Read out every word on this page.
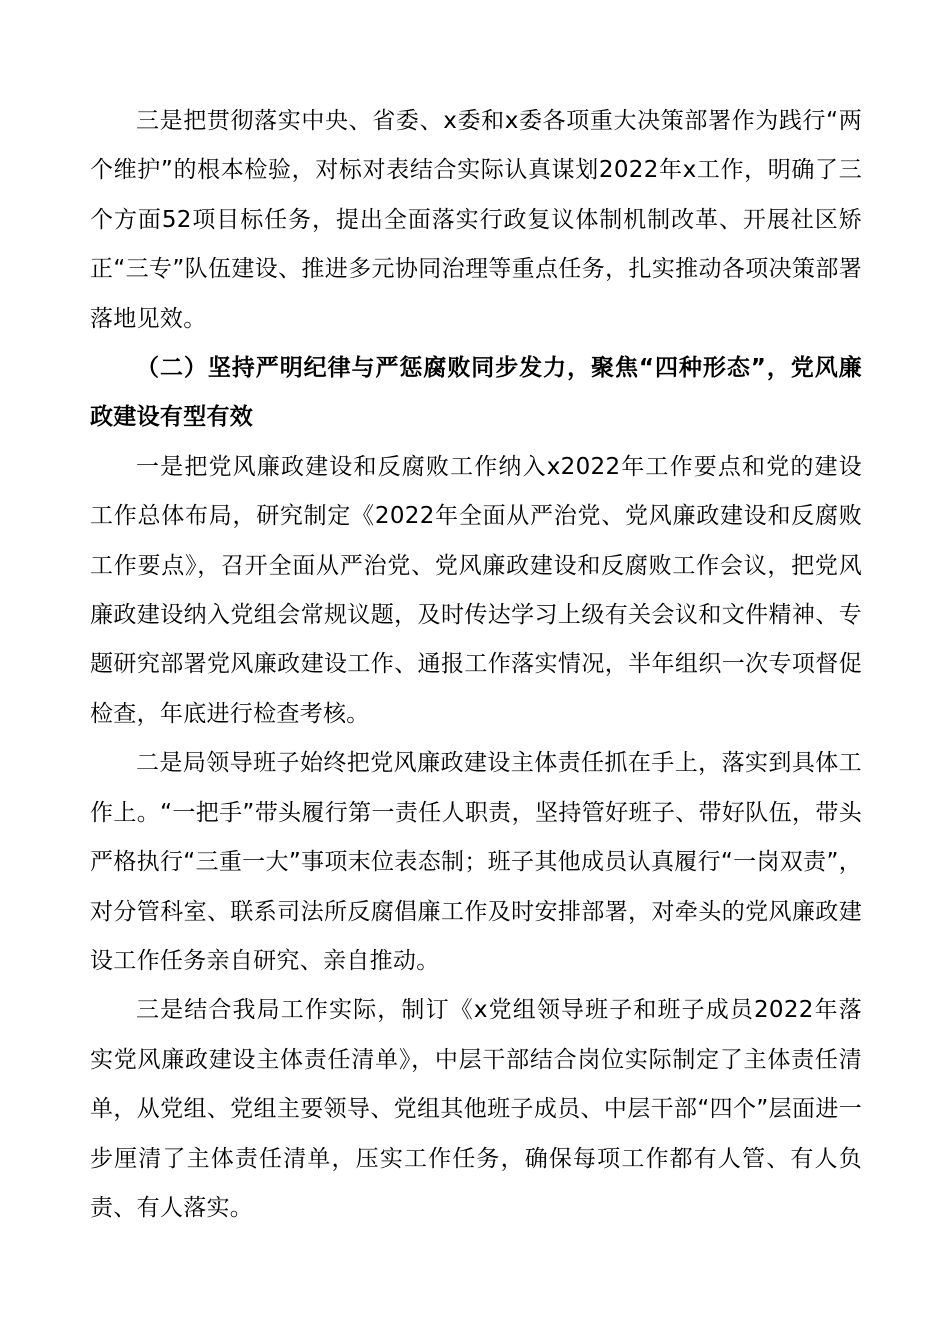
三是把贯彻落实中央、省委、x委和x委各项重大决策部署作为践行“两个维护”的根本检验，对标对表结合实际认真谋划2022年x工作，明确了三个方面52项目标任务，提出全面落实行政复议体制机制改革、开展社区矫正“三专”队伍建设、推进多元协同治理等重点任务，扎实推动各项决策部署落地见效。

（二）坚持严明纪律与严惩腐败同步发力，聚焦“四种形态”，党风廉政建设有型有效

一是把党风廉政建设和反腐败工作纳入x2022年工作要点和党的建设工作总体布局，研究制定《2022年全面从严治党、党风廉政建设和反腐败工作要点》，召开全面从严治党、党风廉政建设和反腐败工作会议，把党风廉政建设纳入党组会常规议题，及时传达学习上级有关会议和文件精神、专题研究部署党风廉政建设工作、通报工作落实情况，半年组织一次专项督促检查，年底进行检查考核。

二是局领导班子始终把党风廉政建设主体责任抓在手上，落实到具体工作上。“一把手”带头履行第一责任人职责，坚持管好班子、带好队伍，带头严格执行“三重一大”事项末位表态制；班子其他成员认真履行“一岗双责”，对分管科室、联系司法所反腐倡廉工作及时安排部署，对牵头的党风廉政建设工作任务亲自研究、亲自推动。

三是结合我局工作实际，制订《x党组领导班子和班子成员2022年落实党风廉政建设主体责任清单》，中层干部结合岗位实际制定了主体责任清单，从党组、党组主要领导、党组其他班子成员、中层干部“四个”层面进一步厘清了主体责任清单，压实工作任务，确保每项工作都有人管、有人负责、有人落实。
